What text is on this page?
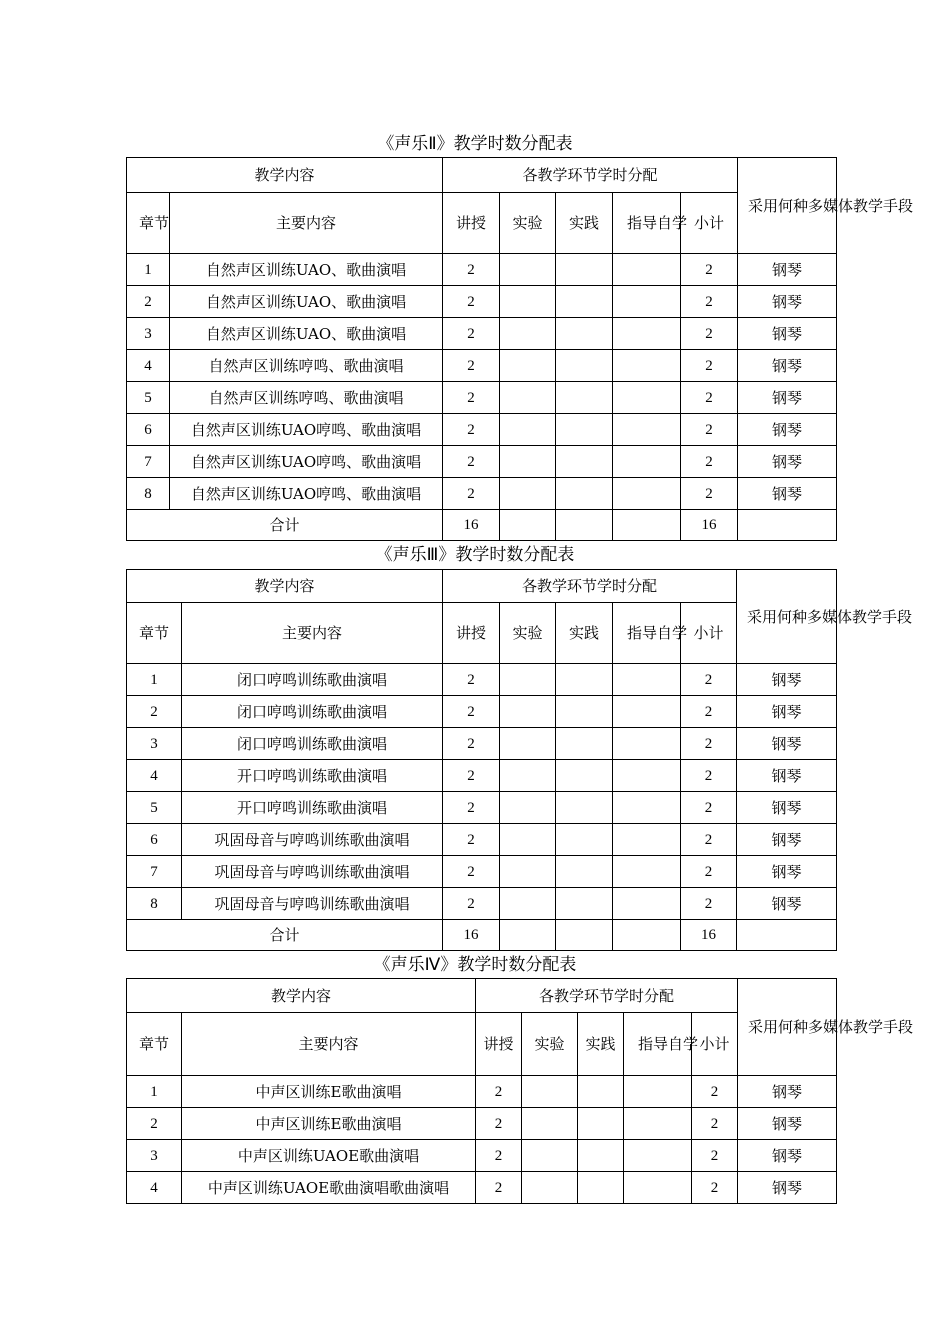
《声乐Ⅱ》教学时数分配表
教学内容		各教学环节学时分配					采用何种多媒体教学手段
章节	主要内容	讲授	实验	实践	指导自学	小计	
1	自然声区训练UAO、歌曲演唱	2				2	钢琴
2	自然声区训练UAO、歌曲演唱	2				2	钢琴
3	自然声区训练UAO、歌曲演唱	2				2	钢琴
4	自然声区训练哼鸣、歌曲演唱	2				2	钢琴
5	自然声区训练哼鸣、歌曲演唱	2				2	钢琴
6	自然声区训练UAO哼鸣、歌曲演唱	2				2	钢琴
7	自然声区训练UAO哼鸣、歌曲演唱	2				2	钢琴
8	自然声区训练UAO哼鸣、歌曲演唱	2				2	钢琴
合计		16				16	
《声乐Ⅲ》教学时数分配表
教学内容		各教学环节学时分配					采用何种多媒体教学手段
章节	主要内容	讲授	实验	实践	指导自学	小计	
1	闭口哼鸣训练歌曲演唱	2				2	钢琴
2	闭口哼鸣训练歌曲演唱	2				2	钢琴
3	闭口哼鸣训练歌曲演唱	2				2	钢琴
4	开口哼鸣训练歌曲演唱	2				2	钢琴
5	开口哼鸣训练歌曲演唱	2				2	钢琴
6	巩固母音与哼鸣训练歌曲演唱	2				2	钢琴
7	巩固母音与哼鸣训练歌曲演唱	2				2	钢琴
8	巩固母音与哼鸣训练歌曲演唱	2				2	钢琴
合计		16				16	
《声乐Ⅳ》教学时数分配表
教学内容		各教学环节学时分配					采用何种多媒体教学手段
章节	主要内容	讲授	实验	实践	指导自学	小计	
1	中声区训练E歌曲演唱	2				2	钢琴
2	中声区训练E歌曲演唱	2				2	钢琴
3	中声区训练UAOE歌曲演唱	2				2	钢琴
4	中声区训练UAOE歌曲演唱歌曲演唱	2				2	钢琴
